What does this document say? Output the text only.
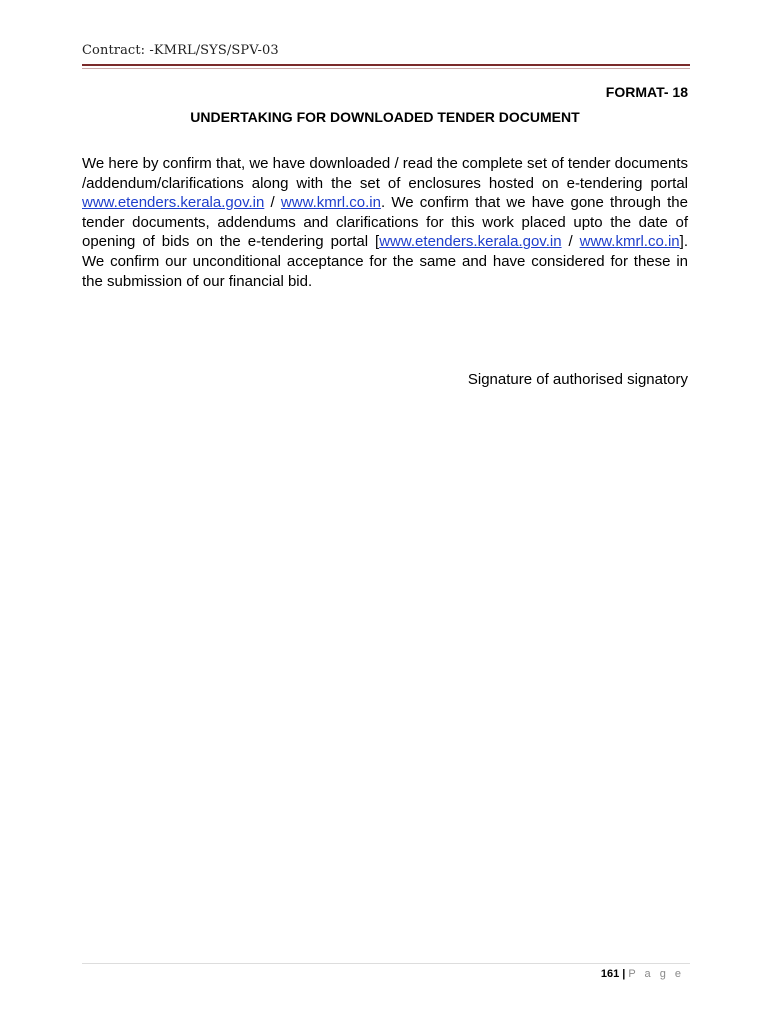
Contract: -KMRL/SYS/SPV-03
FORMAT- 18
UNDERTAKING FOR DOWNLOADED TENDER DOCUMENT
We here by confirm that, we have downloaded / read the complete set of tender documents /addendum/clarifications along with the set of enclosures hosted on e-tendering portal www.etenders.kerala.gov.in / www.kmrl.co.in. We confirm that we have gone through the tender documents, addendums and clarifications for this work placed upto the date of opening of bids on the e-tendering portal [www.etenders.kerala.gov.in / www.kmrl.co.in]. We confirm our unconditional acceptance for the same and have considered for these in the submission of our financial bid.
Signature of authorised signatory
161 | P a g e
